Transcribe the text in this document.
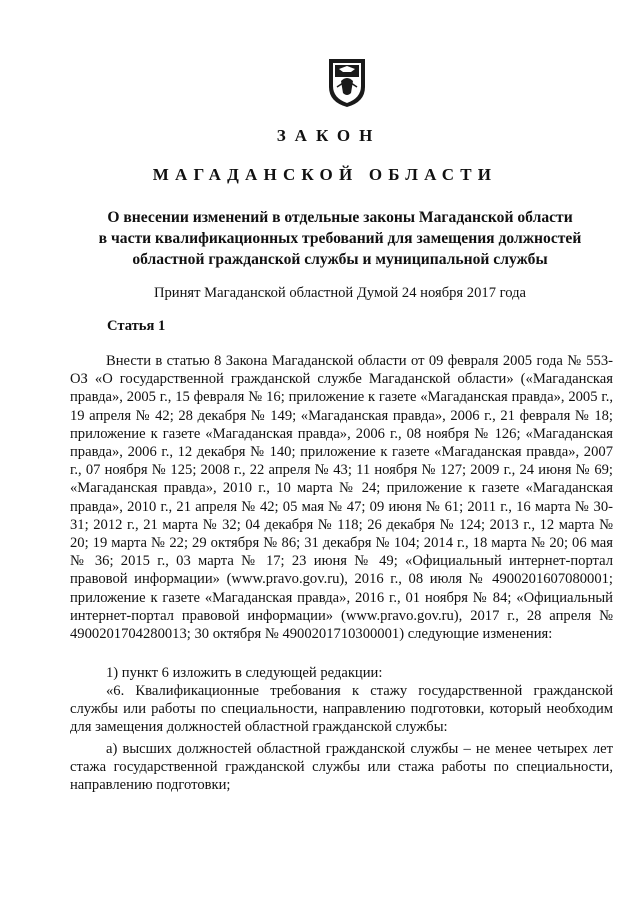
ЗАКОН
МАГАДАНСКОЙ ОБЛАСТИ
О внесении изменений в отдельные законы Магаданской области
в части квалификационных требований для замещения должностей
областной гражданской службы и муниципальной службы
Принят Магаданской областной Думой 24 ноября 2017 года
Статья 1
Внести в статью 8 Закона Магаданской области от 09 февраля 2005 года № 553-ОЗ «О государственной гражданской службе Магаданской области» («Магаданская правда», 2005 г., 15 февраля № 16; приложение к газете «Магаданская правда», 2005 г., 19 апреля № 42; 28 декабря № 149; «Магаданская правда», 2006 г., 21 февраля № 18; приложение к газете «Магаданская правда», 2006 г., 08 ноября № 126; «Магаданская правда», 2006 г., 12 декабря № 140; приложение к газете «Магаданская правда», 2007 г., 07 ноября № 125; 2008 г., 22 апреля № 43; 11 ноября № 127; 2009 г., 24 июня № 69; «Магаданская правда», 2010 г., 10 марта № 24; приложение к газете «Магаданская правда», 2010 г., 21 апреля № 42; 05 мая № 47; 09 июня № 61; 2011 г., 16 марта № 30-31; 2012 г., 21 марта № 32; 04 декабря № 118; 26 декабря № 124; 2013 г., 12 марта № 20; 19 марта № 22; 29 октября № 86; 31 декабря № 104; 2014 г., 18 марта № 20; 06 мая № 36; 2015 г., 03 марта № 17; 23 июня № 49; «Официальный интернет-портал правовой информации» (www.pravo.gov.ru), 2016 г., 08 июля № 4900201607080001; приложение к газете «Магаданская правда», 2016 г., 01 ноября № 84; «Официальный интернет-портал правовой информации» (www.pravo.gov.ru), 2017 г., 28 апреля № 4900201704280013; 30 октября № 4900201710300001) следующие изменения:
1) пункт 6 изложить в следующей редакции:
«6. Квалификационные требования к стажу государственной гражданской службы или работы по специальности, направлению подготовки, который необходим для замещения должностей областной гражданской службы:
а) высших должностей областной гражданской службы – не менее четырех лет стажа государственной гражданской службы или стажа работы по специальности, направлению подготовки;
